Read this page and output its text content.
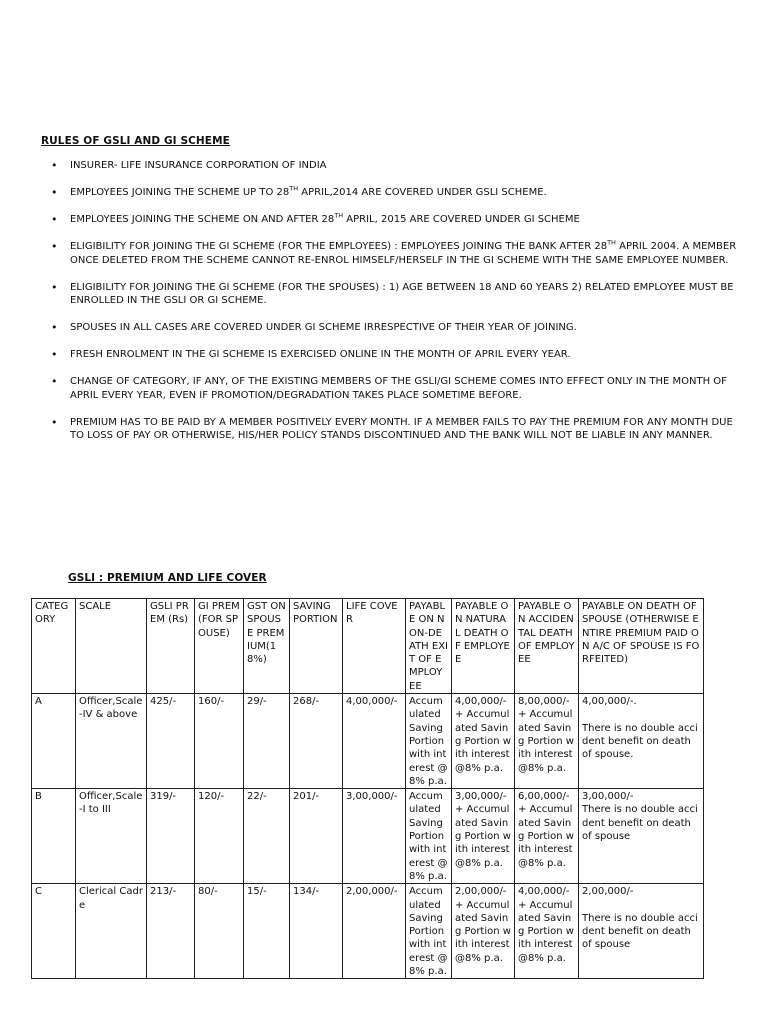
RULES OF GSLI AND GI SCHEME
• INSURER- LIFE INSURANCE CORPORATION OF INDIA
• EMPLOYEES JOINING THE SCHEME UP TO 28TH APRIL,2014 ARE COVERED UNDER GSLI SCHEME.
• EMPLOYEES JOINING THE SCHEME ON AND AFTER 28TH APRIL, 2015 ARE COVERED UNDER GI SCHEME
• ELIGIBILITY FOR JOINING THE GI SCHEME (FOR THE EMPLOYEES) : EMPLOYEES JOINING THE BANK AFTER 28TH APRIL 2004. A MEMBER ONCE DELETED FROM THE SCHEME CANNOT RE-ENROL HIMSELF/HERSELF IN THE GI SCHEME WITH THE SAME EMPLOYEE NUMBER.
• ELIGIBILITY FOR JOINING THE GI SCHEME (FOR THE SPOUSES) : 1) AGE BETWEEN 18 AND 60 YEARS 2) RELATED EMPLOYEE MUST BE ENROLLED IN THE GSLI OR GI SCHEME.
• SPOUSES IN ALL CASES ARE COVERED UNDER GI SCHEME IRRESPECTIVE OF THEIR YEAR OF JOINING.
• FRESH ENROLMENT IN THE GI SCHEME IS EXERCISED ONLINE IN THE MONTH OF APRIL EVERY YEAR.
• CHANGE OF CATEGORY, IF ANY, OF THE EXISTING MEMBERS OF THE GSLI/GI SCHEME COMES INTO EFFECT ONLY IN THE MONTH OF APRIL EVERY YEAR, EVEN IF PROMOTION/DEGRADATION TAKES PLACE SOMETIME BEFORE.
• PREMIUM HAS TO BE PAID BY A MEMBER POSITIVELY EVERY MONTH. IF A MEMBER FAILS TO PAY THE PREMIUM FOR ANY MONTH DUE TO LOSS OF PAY OR OTHERWISE, HIS/HER POLICY STANDS DISCONTINUED AND THE BANK WILL NOT BE LIABLE IN ANY MANNER.
GSLI : PREMIUM AND LIFE COVER
CATEGORY	SCALE	GSLI PREM (Rs)	GI PREM (FOR SPOUSE)	GST ON SPOUSE PREMIUM(18%)	SAVING PORTION	LIFE COVER	PAYABLE ON NON-DEATH EXIT OF EMPLOYEE	PAYABLE ON NATURAL DEATH OF EMPLOYEE	PAYABLE ON ACCIDENTAL DEATH OF EMPLOYEE	PAYABLE ON DEATH OF SPOUSE (OTHERWISE ENTIRE PREMIUM PAID ON A/C OF SPOUSE IS FORFEITED)
A	Officer,Scale-IV & above	425/-	160/-	29/-	268/-	4,00,000/-	Accumulated Saving Portion with interest @8% p.a.	4,00,000/- + Accumulated Saving Portion with interest @8% p.a.	8,00,000/- + Accumulated Saving Portion with interest @8% p.a.	4,00,000/-.

There is no double accident benefit on death of spouse.
B	Officer,Scale-I to III	319/-	120/-	22/-	201/-	3,00,000/-	Accumulated Saving Portion with interest @8% p.a.	3,00,000/- + Accumulated Saving Portion with interest @8% p.a.	6,00,000/- + Accumulated Saving Portion with interest @8% p.a.	3,00,000/-
There is no double accident benefit on death of spouse
C	Clerical Cadre	213/-	80/-	15/-	134/-	2,00,000/-	Accumulated Saving Portion with interest @8% p.a.	2,00,000/- + Accumulated Saving Portion with interest @8% p.a.	4,00,000/- + Accumulated Saving Portion with interest @8% p.a.	2,00,000/-

There is no double accident benefit on death of spouse
